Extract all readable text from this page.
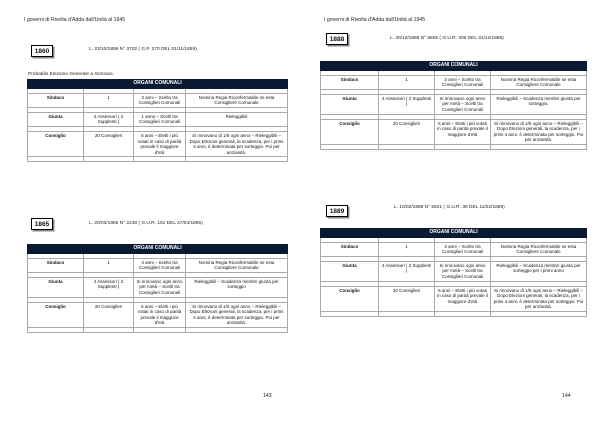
I governi di Rivolta d'Adda dall'Unità al 1945
1860	L. 23/10/1859 N° 3702 ( G.P. 270 DEL 01/11/1859)
Probabile Elezione Generale a Gennaio.
ORGANI COMUNALI			

Sindaco	1	3 anni – Scelto tra Consiglieri Comunali	Nomina Regia Riconfermabile se esta Consigliere Comunale

Giunta	4 Assessori ( 2 Supplenti )	1 anno – Scelti tra Consiglieri Comunali	Rieleggibili

Consiglio	20 Consiglieri	5 anni – Eletti i più votati in caso di parità prevale il maggiore d'età	Si rinnovano di 1/5 ogni anno – Rieleggibili – Dopo Elezioni generali, la scadenza, per i primi 4 anni, è determinata per sorteggio. Poi per anzianità.

1865	L. 20/03/1865 N° 2248 ( G.U.R. 101 DEL 27/04/1865)
ORGANI COMUNALI			

Sindaco	1	3 anni – Scelto tra Consiglieri Comunali	Nomina Regia Riconfermabile se esta Consigliere Comunale

Giunta	4 Assessori ( 2 Supplenti )	Si rinnovano ogni anno per metà – Scelti tra Consiglieri Comunali	Rieleggibili – Scadenza membri giunta per sorteggio

Consiglio	20 Consiglieri	5 anni – Eletti i più votati in caso di parità prevale il maggiore d'età	Si rinnovano di 1/5 ogni anno – Rieleggibili – Dopo Elezioni generali, la scadenza, per i primi 4 anni, è determinata per sorteggio. Poi per anzianità.

143
I governi di Rivolta d'Adda dall'Unità al 1945
1888	L. 30/12/1888 N° 5865 ( G.U.R. 306 DEL 31/12/1888)
ORGANI COMUNALI			

Sindaco	1	3 anni – Scelto tra Consiglieri Comunali	Nomina Regia Riconfermabile se esta Consigliere Comunale

Giunta	4 Assessori ( 2 Supplenti )	Si rinnovano ogni anno per metà – Scelti tra Consiglieri Comunali	Rieleggibili – Scadenza membri giunta per sorteggio.

Consiglio	20 Consiglieri	5 anni – Eletti i più votati in caso di parità prevale il maggiore d'età	Si rinnovano di 1/5 ogni anno – Rieleggibili – Dopo Elezioni generali, la scadenza, per i primi 4 anni, è determinata per sorteggio. Poi per anzianità.

1889	L. 10/02/1889 N° 5921 ( G.U.R. 36 DEL 11/02/1889)
ORGANI COMUNALI			

Sindaco	1	3 anni – Scelto tra Consiglieri Comunali	Nomina Regia Riconfermabile se esta Consigliere Comunale

Giunta	4 Assessori ( 2 Supplenti )	Si rinnovano ogni anno per metà – Scelti tra Consiglieri Comunali	Rieleggibili – Scadenza membri giunta per sorteggio per i primi anno

Consiglio	20 Consiglieri	5 anni – Eletti i più votati in caso di parità prevale il maggiore d'età	Si rinnovano di 1/5 ogni anno – Rieleggibili – Dopo Elezioni generali, la scadenza, per i primi 4 anni, è determinata per sorteggio. Poi per anzianità.

144
